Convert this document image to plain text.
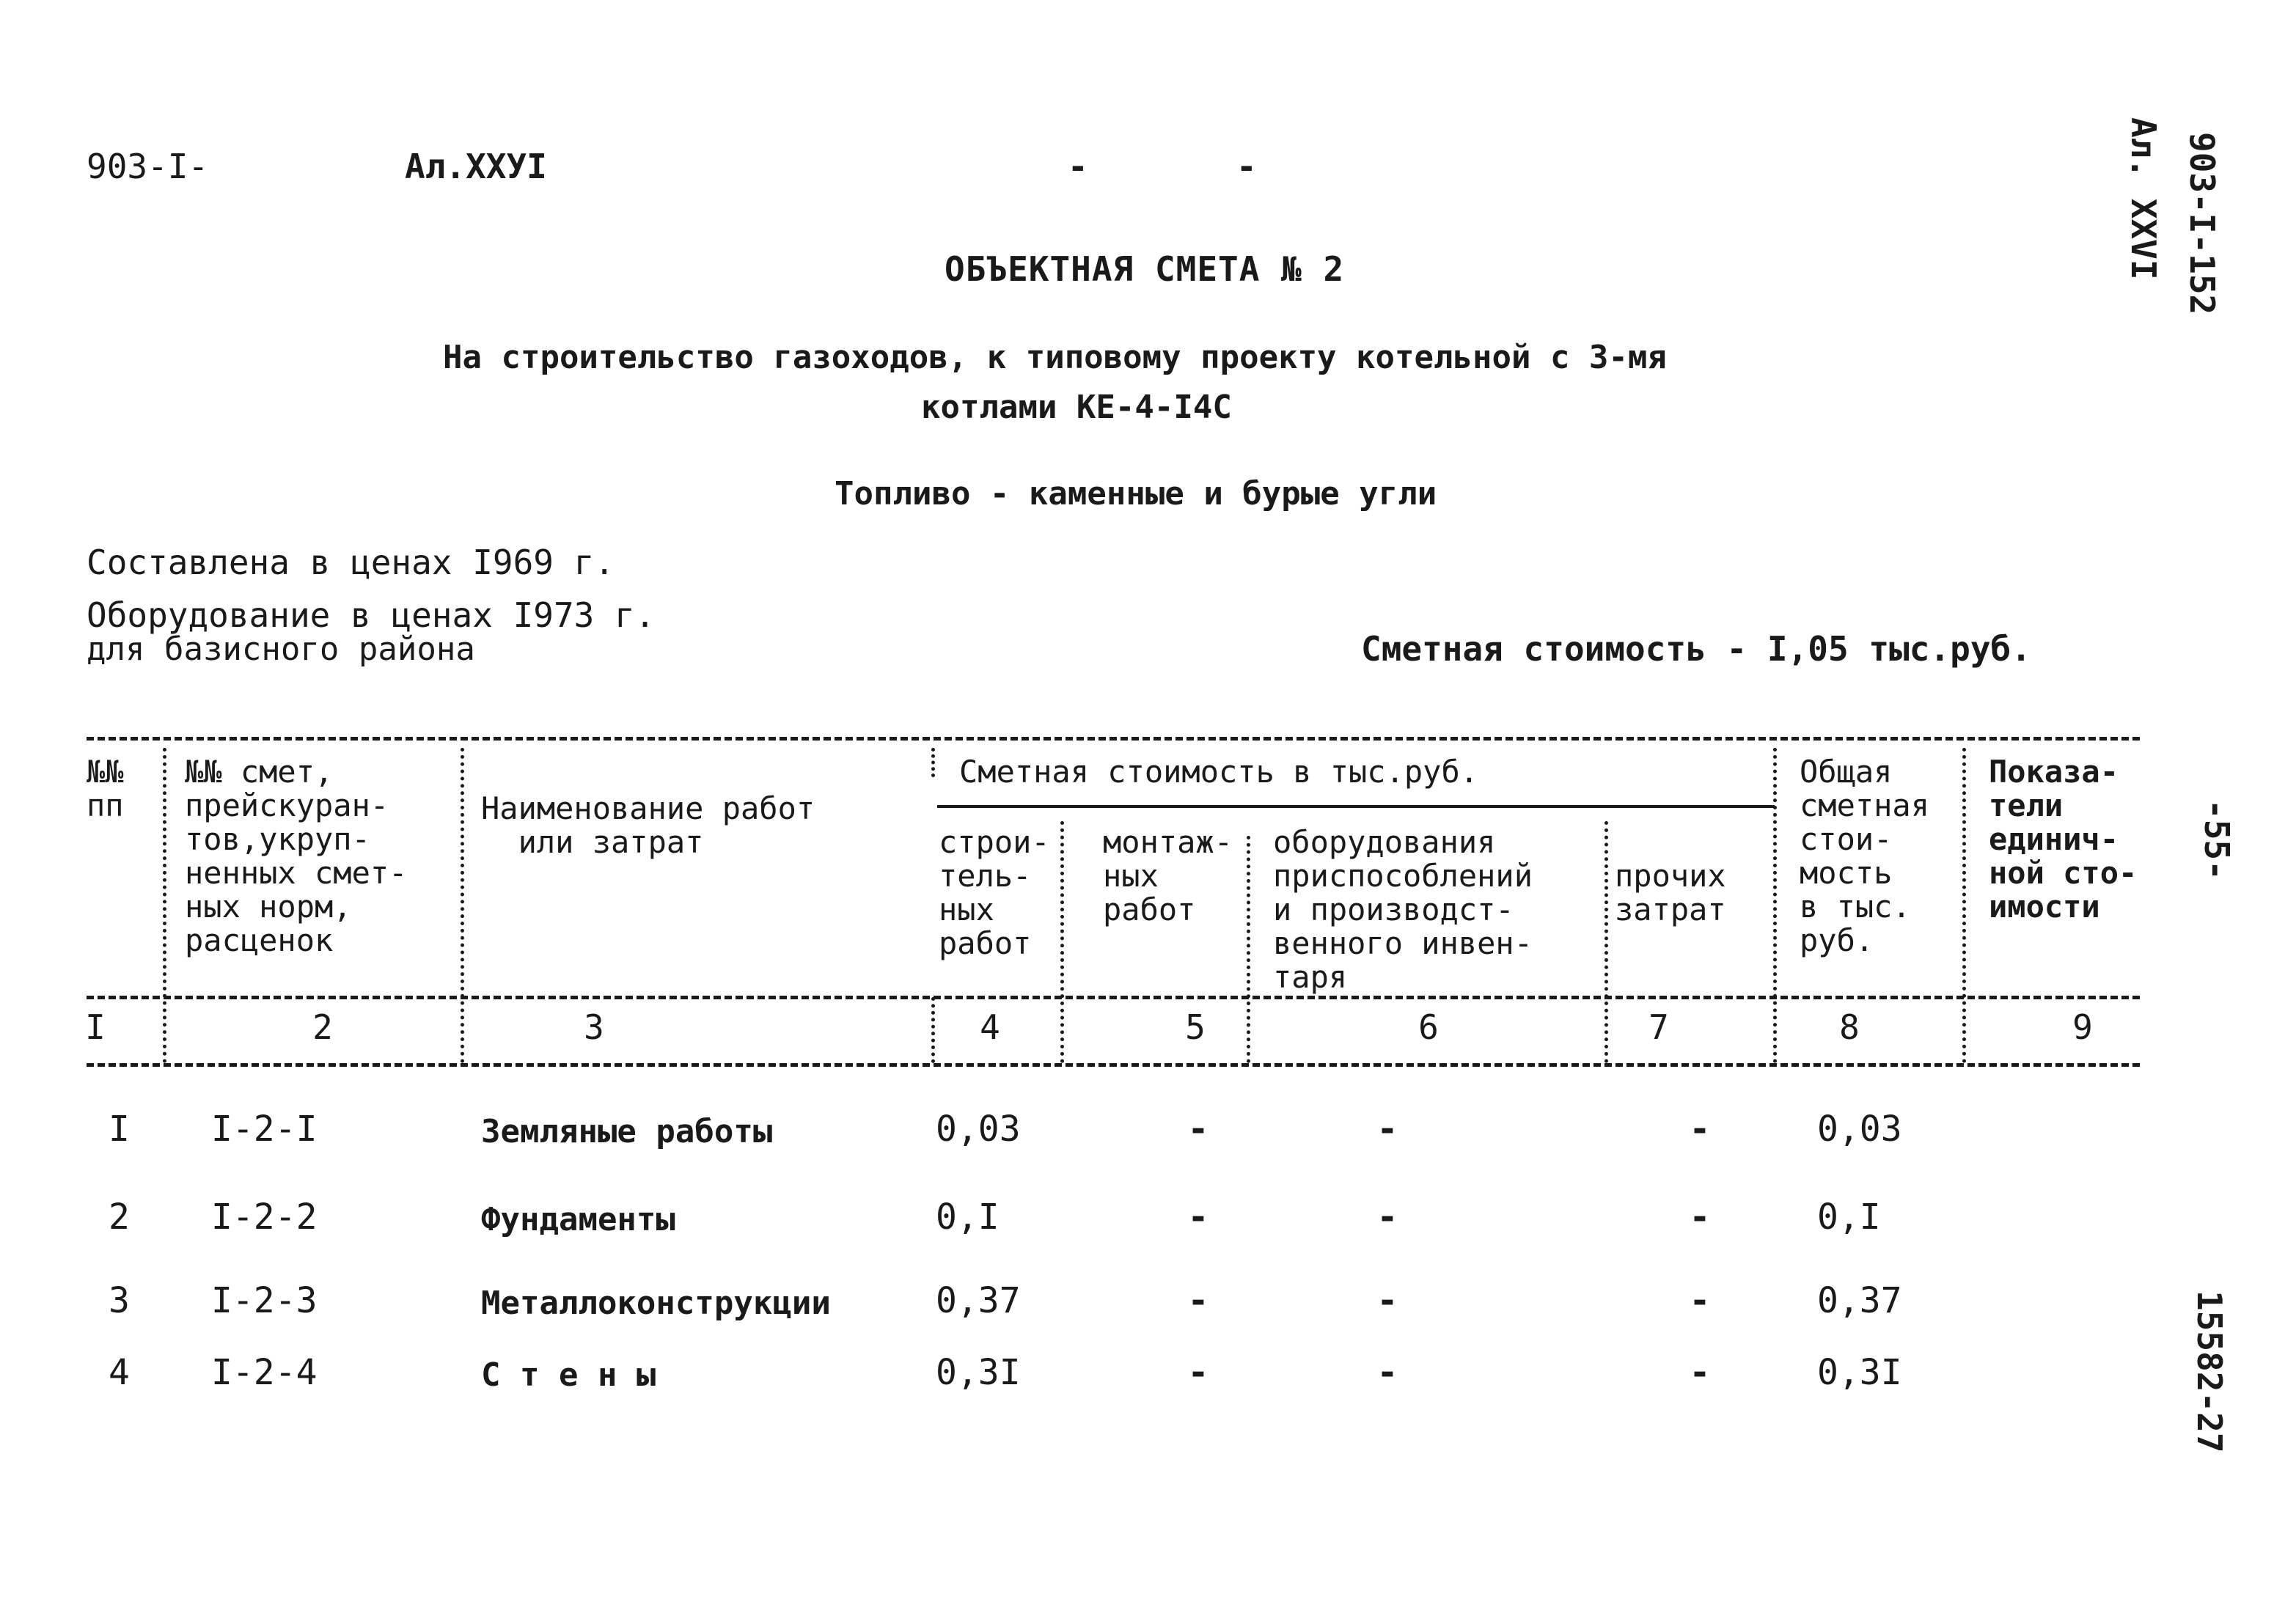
903-I-	Ал.XXУI	-	-	903-I-152
Ал. XXVI
-55-
15582-27
ОБЪЕКТНАЯ СМЕТА № 2
На строительство газоходов, к типовому проекту котельной с 3-мя
котлами КЕ-4-I4С
Топливо - каменные и бурые угли
Составлена в ценах I969 г.
Оборудование в ценах I973 г.
для базисного района	Сметная стоимость - I,05 тыс.руб.
№№
пп
№№ смет,
прейскуран-
тов,укруп-
ненных смет-
ных норм,
расценок
Наименование работ
или затрат
Сметная стоимость в тыс.руб.
строи-
тель-
ных
работ
монтаж-
ных
работ
оборудования
приспособлений
и производст-
венного инвен-
таря
прочих
затрат
Общая
сметная
стои-
мость
в тыс.
руб.
Показа-
тели
единич-
ной сто-
имости
I	2	3	4	5	6	7	8	9
I I-2-I	Земляные работы	0,03	-	-	-	0,03
2 I-2-2	Фундаменты	0,I	-	-	-	0,I
3 I-2-3	Металлоконструкции	0,37	-	-	-	0,37
4 I-2-4	С т е н ы	0,3I	-	-	-	0,3I
